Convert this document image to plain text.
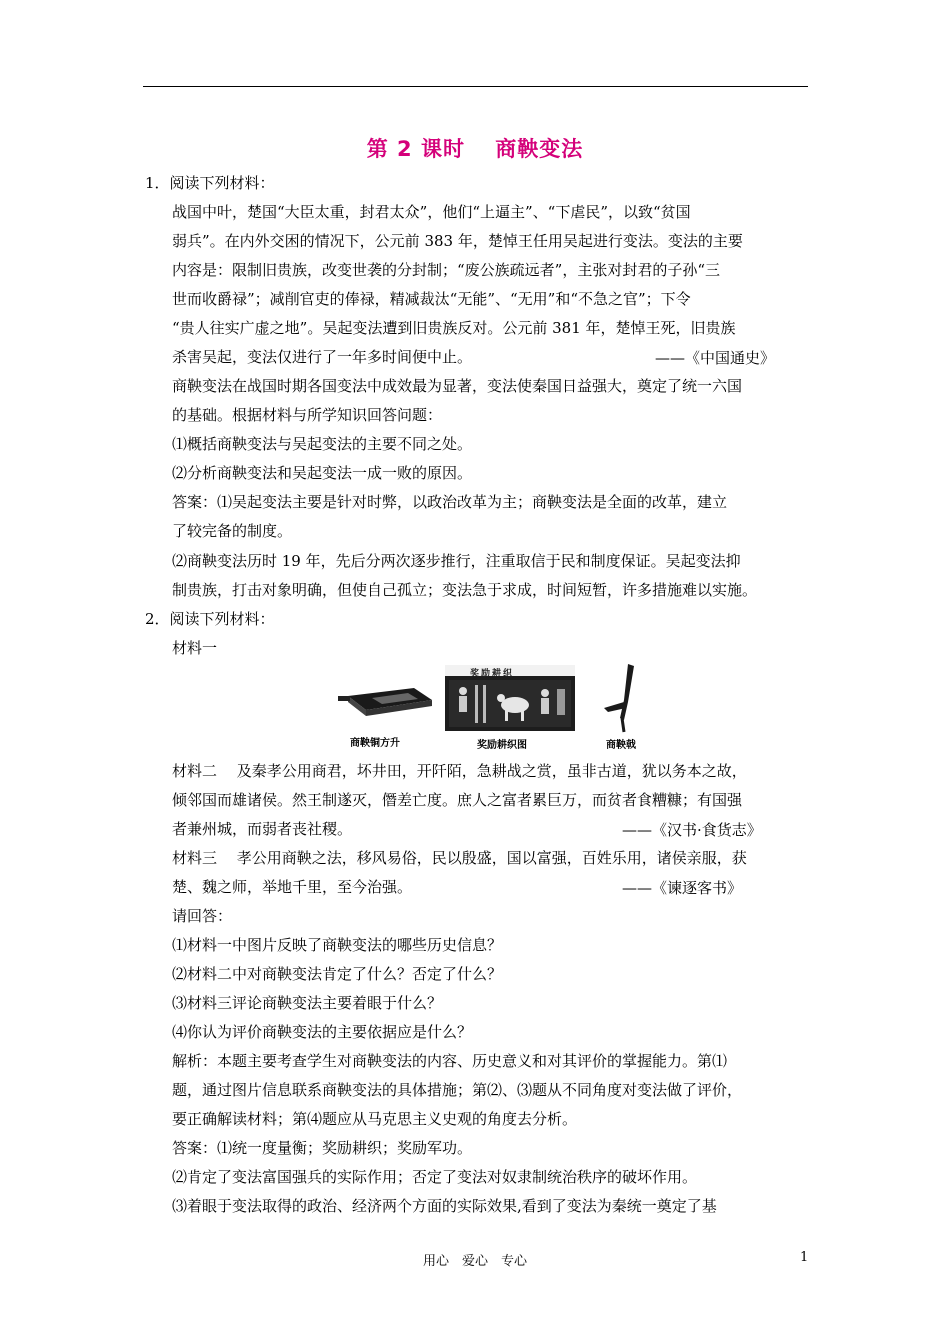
第 2 课时　 商鞅变法
1．阅读下列材料：
战国中叶，楚国“大臣太重，封君太众”，他们“上逼主”、“下虐民”，以致“贫国
弱兵”。在内外交困的情况下，公元前 383 年，楚悼王任用吴起进行变法。变法的主要
内容是：限制旧贵族，改变世袭的分封制；“废公族疏远者”，主张对封君的子孙“三
世而收爵禄”；减削官吏的俸禄，精减裁汰“无能”、“无用”和“不急之官”；下令
“贵人往实广虚之地”。吴起变法遭到旧贵族反对。公元前 381 年，楚悼王死，旧贵族
杀害吴起，变法仅进行了一年多时间便中止。	——《中国通史》
商鞅变法在战国时期各国变法中成效最为显著，变法使秦国日益强大，奠定了统一六国
的基础。根据材料与所学知识回答问题：
⑴概括商鞅变法与吴起变法的主要不同之处。
⑵分析商鞅变法和吴起变法一成一败的原因。
答案：⑴吴起变法主要是针对时弊，以政治改革为主；商鞅变法是全面的改革，建立
了较完备的制度。
⑵商鞅变法历时 19 年，先后分两次逐步推行，注重取信于民和制度保证。吴起变法抑
制贵族，打击对象明确，但使自己孤立；变法急于求成，时间短暂，许多措施难以实施。
2．阅读下列材料：
材料一
商鞅铜方升
奖励耕织
奖励耕织图	商鞅戟
材料二　 及秦孝公用商君，坏井田，开阡陌，急耕战之赏，虽非古道，犹以务本之故，
倾邻国而雄诸侯。然王制遂灭，僭差亡度。庶人之富者累巨万，而贫者食糟糠；有国强
者兼州城，而弱者丧社稷。	——《汉书·食货志》
材料三　 孝公用商鞅之法，移风易俗，民以殷盛，国以富强，百姓乐用，诸侯亲服，获
楚、魏之师，举地千里，至今治强。	——《谏逐客书》
请回答：
⑴材料一中图片反映了商鞅变法的哪些历史信息？
⑵材料二中对商鞅变法肯定了什么？否定了什么？
⑶材料三评论商鞅变法主要着眼于什么？
⑷你认为评价商鞅变法的主要依据应是什么？
解析：本题主要考查学生对商鞅变法的内容、历史意义和对其评价的掌握能力。第⑴
题，通过图片信息联系商鞅变法的具体措施；第⑵、⑶题从不同角度对变法做了评价，
要正确解读材料；第⑷题应从马克思主义史观的角度去分析。
答案：⑴统一度量衡；奖励耕织；奖励军功。
⑵肯定了变法富国强兵的实际作用；否定了变法对奴隶制统治秩序的破坏作用。
⑶着眼于变法取得的政治、经济两个方面的实际效果,看到了变法为秦统一奠定了基
用心　爱心　专心	1
